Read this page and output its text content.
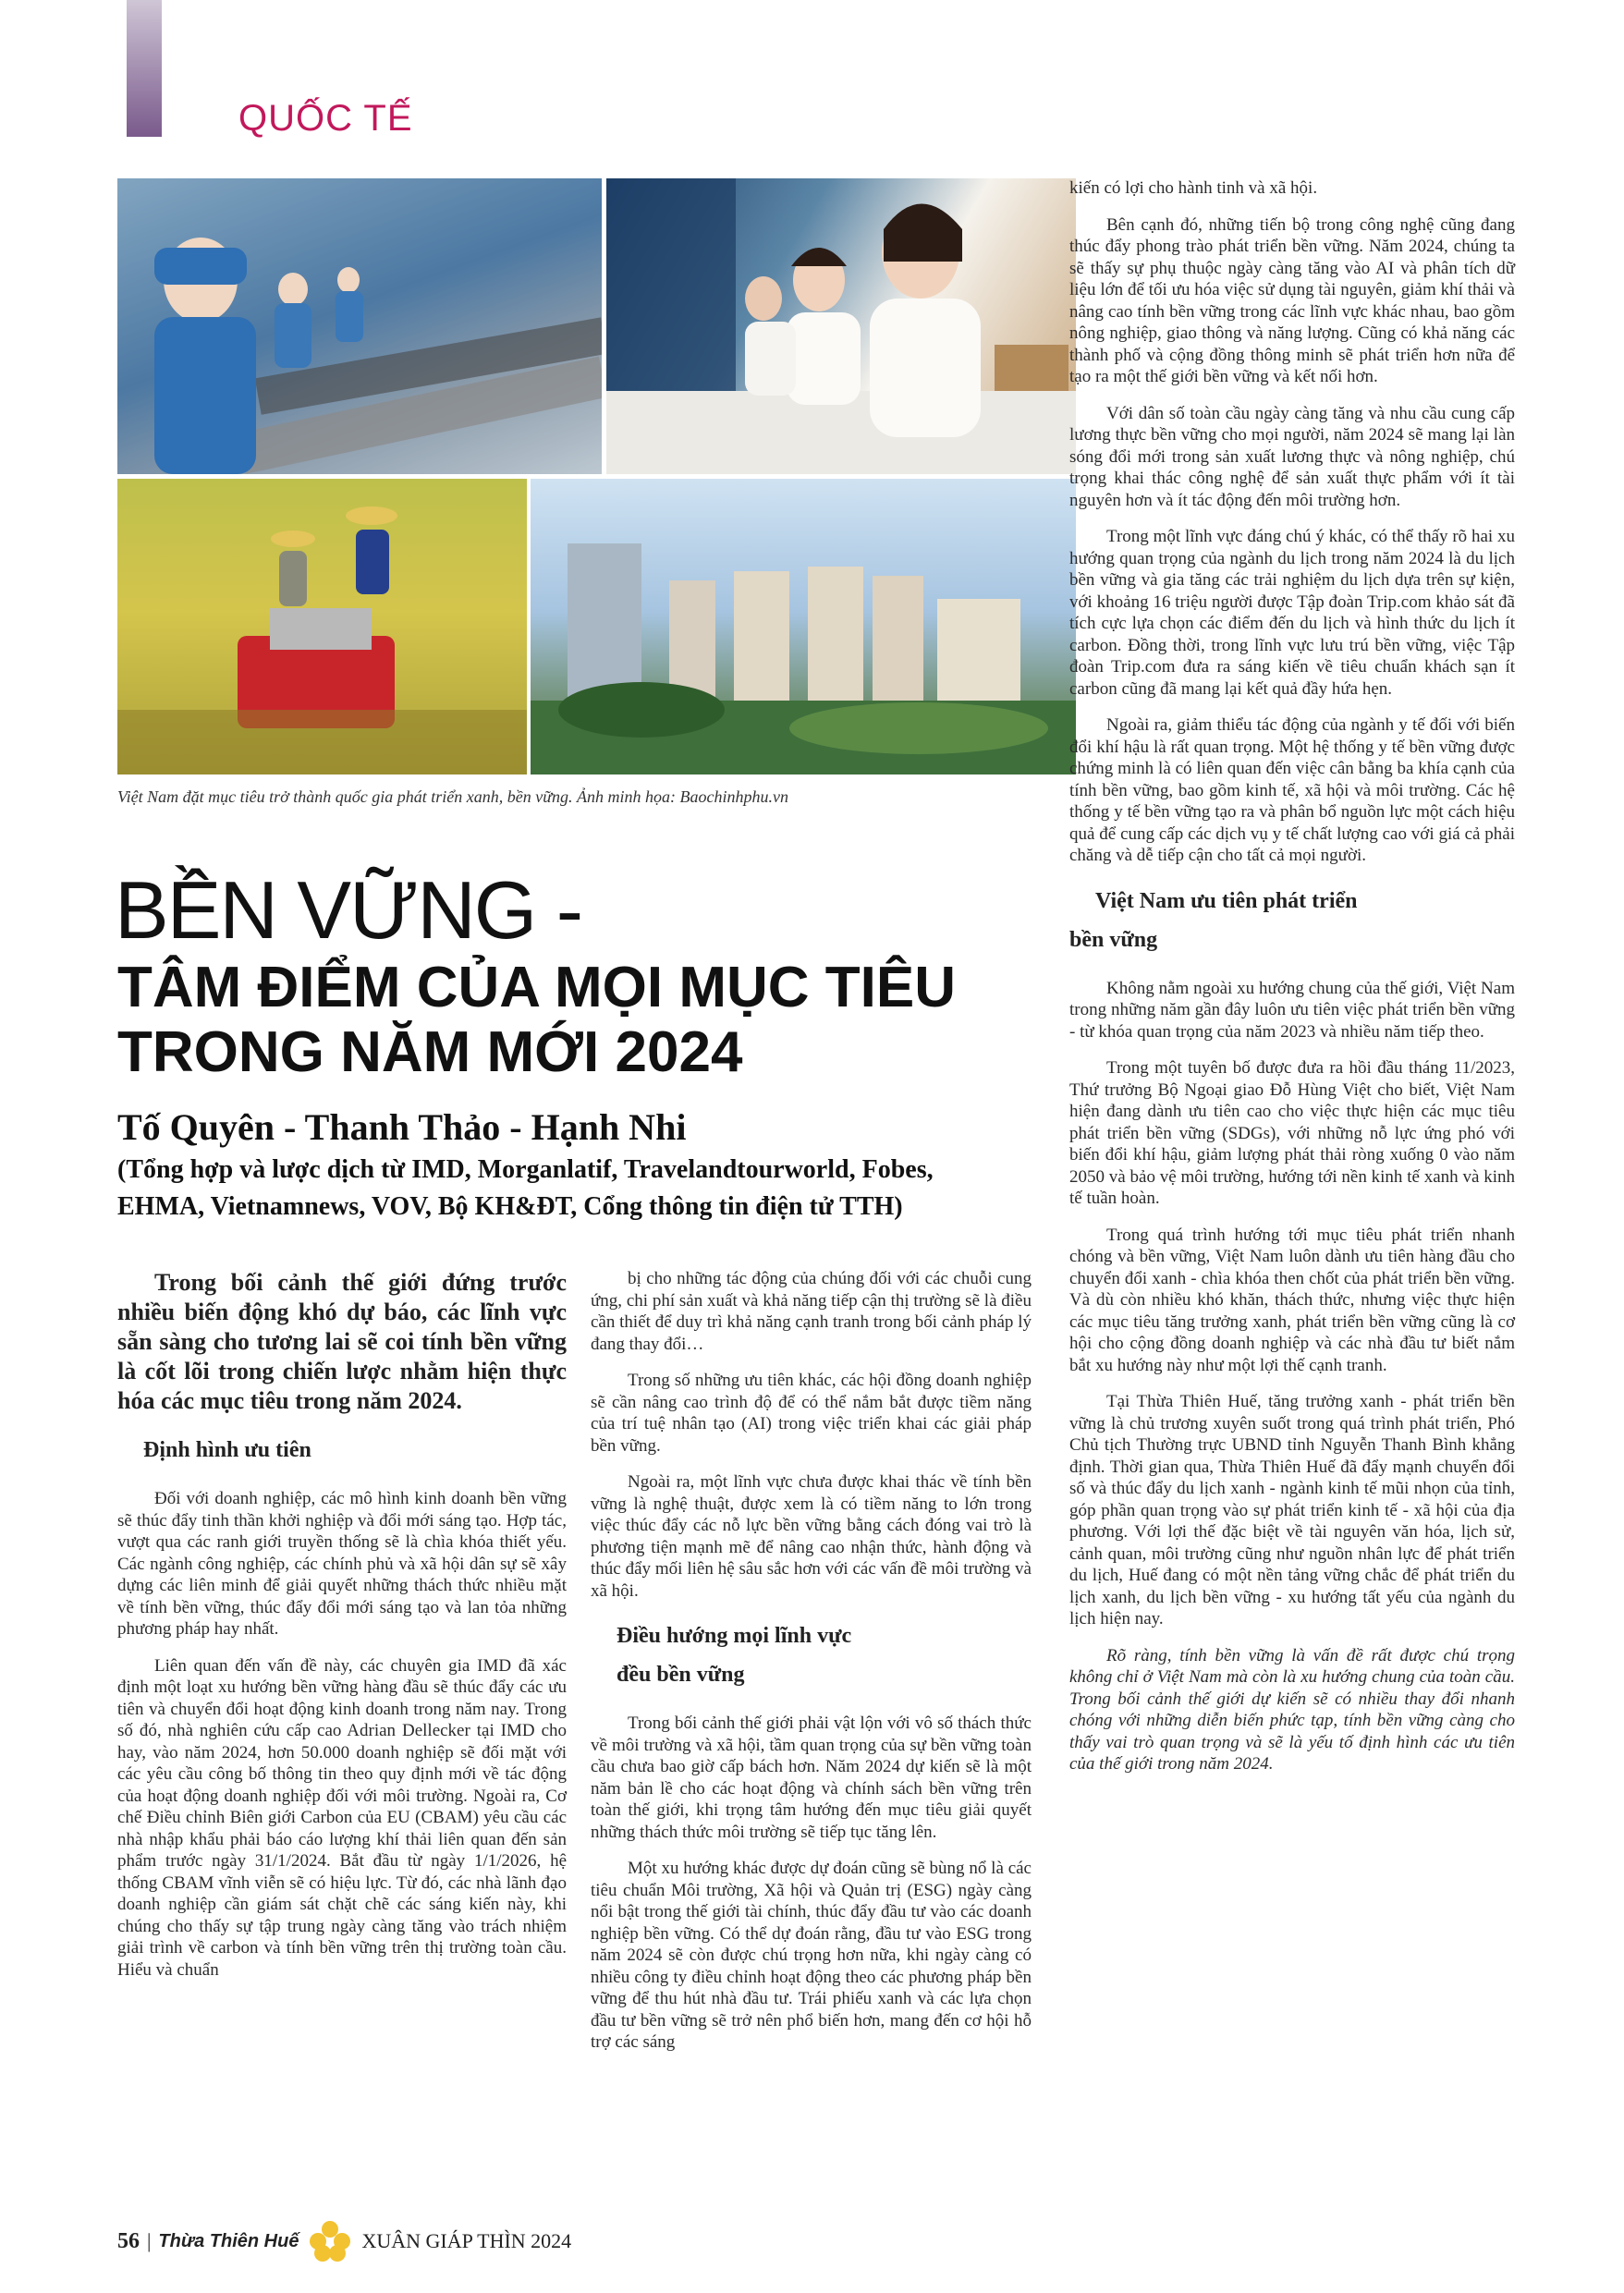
QUỐC TẾ
Việt Nam đặt mục tiêu trở thành quốc gia phát triển xanh, bền vững. Ảnh minh họa: Baochinhphu.vn
BỀN VỮNG -
TÂM ĐIỂM CỦA MỌI MỤC TIÊU
TRONG NĂM MỚI 2024
Tố Quyên - Thanh Thảo - Hạnh Nhi
(Tổng hợp và lược dịch từ IMD, Morganlatif, Travelandtourworld, Fobes,
EHMA, Vietnamnews, VOV, Bộ KH&ĐT, Cổng thông tin điện tử TTH)

Trong bối cảnh thế giới đứng trước nhiều biến động khó dự báo, các lĩnh vực sẵn sàng cho tương lai sẽ coi tính bền vững là cốt lõi trong chiến lược nhằm hiện thực hóa các mục tiêu trong năm 2024.

Định hình ưu tiên

Đối với doanh nghiệp, các mô hình kinh doanh bền vững sẽ thúc đẩy tinh thần khởi nghiệp và đổi mới sáng tạo. Hợp tác, vượt qua các ranh giới truyền thống sẽ là chìa khóa thiết yếu. Các ngành công nghiệp, các chính phủ và xã hội dân sự sẽ xây dựng các liên minh để giải quyết những thách thức nhiều mặt về tính bền vững, thúc đẩy đổi mới sáng tạo và lan tỏa những phương pháp hay nhất.

Liên quan đến vấn đề này, các chuyên gia IMD đã xác định một loạt xu hướng bền vững hàng đầu sẽ thúc đẩy các ưu tiên và chuyển đổi hoạt động kinh doanh trong năm nay. Trong số đó, nhà nghiên cứu cấp cao Adrian Dellecker tại IMD cho hay, vào năm 2024, hơn 50.000 doanh nghiệp sẽ đối mặt với các yêu cầu công bố thông tin theo quy định mới về tác động của hoạt động doanh nghiệp đối với môi trường. Ngoài ra, Cơ chế Điều chỉnh Biên giới Carbon của EU (CBAM) yêu cầu các nhà nhập khẩu phải báo cáo lượng khí thải liên quan đến sản phẩm trước ngày 31/1/2024. Bắt đầu từ ngày 1/1/2026, hệ thống CBAM vĩnh viễn sẽ có hiệu lực. Từ đó, các nhà lãnh đạo doanh nghiệp cần giám sát chặt chẽ các sáng kiến này, khi chúng cho thấy sự tập trung ngày càng tăng vào trách nhiệm giải trình về carbon và tính bền vững trên thị trường toàn cầu. Hiểu và chuẩn

bị cho những tác động của chúng đối với các chuỗi cung ứng, chi phí sản xuất và khả năng tiếp cận thị trường sẽ là điều cần thiết để duy trì khả năng cạnh tranh trong bối cảnh pháp lý đang thay đổi…

Trong số những ưu tiên khác, các hội đồng doanh nghiệp sẽ cần nâng cao trình độ để có thể nắm bắt được tiềm năng của trí tuệ nhân tạo (AI) trong việc triển khai các giải pháp bền vững.

Ngoài ra, một lĩnh vực chưa được khai thác về tính bền vững là nghệ thuật, được xem là có tiềm năng to lớn trong việc thúc đẩy các nỗ lực bền vững bằng cách đóng vai trò là phương tiện mạnh mẽ để nâng cao nhận thức, hành động và thúc đẩy mối liên hệ sâu sắc hơn với các vấn đề môi trường và xã hội.

Điều hướng mọi lĩnh vực
đều bền vững

Trong bối cảnh thế giới phải vật lộn với vô số thách thức về môi trường và xã hội, tầm quan trọng của sự bền vững toàn cầu chưa bao giờ cấp bách hơn. Năm 2024 dự kiến sẽ là một năm bản lề cho các hoạt động và chính sách bền vững trên toàn thế giới, khi trọng tâm hướng đến mục tiêu giải quyết những thách thức môi trường sẽ tiếp tục tăng lên.

Một xu hướng khác được dự đoán cũng sẽ bùng nổ là các tiêu chuẩn Môi trường, Xã hội và Quản trị (ESG) ngày càng nổi bật trong thế giới tài chính, thúc đẩy đầu tư vào các doanh nghiệp bền vững. Có thể dự đoán rằng, đầu tư vào ESG trong năm 2024 sẽ còn được chú trọng hơn nữa, khi ngày càng có nhiều công ty điều chỉnh hoạt động theo các phương pháp bền vững để thu hút nhà đầu tư. Trái phiếu xanh và các lựa chọn đầu tư bền vững sẽ trở nên phổ biến hơn, mang đến cơ hội hỗ trợ các sáng

kiến có lợi cho hành tinh và xã hội.

Bên cạnh đó, những tiến bộ trong công nghệ cũng đang thúc đẩy phong trào phát triển bền vững. Năm 2024, chúng ta sẽ thấy sự phụ thuộc ngày càng tăng vào AI và phân tích dữ liệu lớn để tối ưu hóa việc sử dụng tài nguyên, giảm khí thải và nâng cao tính bền vững trong các lĩnh vực khác nhau, bao gồm nông nghiệp, giao thông và năng lượng. Cũng có khả năng các thành phố và cộng đồng thông minh sẽ phát triển hơn nữa để tạo ra một thế giới bền vững và kết nối hơn.

Với dân số toàn cầu ngày càng tăng và nhu cầu cung cấp lương thực bền vững cho mọi người, năm 2024 sẽ mang lại làn sóng đổi mới trong sản xuất lương thực và nông nghiệp, chú trọng khai thác công nghệ để sản xuất thực phẩm với ít tài nguyên hơn và ít tác động đến môi trường hơn.

Trong một lĩnh vực đáng chú ý khác, có thể thấy rõ hai xu hướng quan trọng của ngành du lịch trong năm 2024 là du lịch bền vững và gia tăng các trải nghiệm du lịch dựa trên sự kiện, với khoảng 16 triệu người được Tập đoàn Trip.com khảo sát đã tích cực lựa chọn các điểm đến du lịch và hình thức du lịch ít carbon. Đồng thời, trong lĩnh vực lưu trú bền vững, việc Tập đoàn Trip.com đưa ra sáng kiến về tiêu chuẩn khách sạn ít carbon cũng đã mang lại kết quả đầy hứa hẹn.

Ngoài ra, giảm thiểu tác động của ngành y tế đối với biến đổi khí hậu là rất quan trọng. Một hệ thống y tế bền vững được chứng minh là có liên quan đến việc cân bằng ba khía cạnh của tính bền vững, bao gồm kinh tế, xã hội và môi trường. Các hệ thống y tế bền vững tạo ra và phân bổ nguồn lực một cách hiệu quả để cung cấp các dịch vụ y tế chất lượng cao với giá cả phải chăng và dễ tiếp cận cho tất cả mọi người.

Việt Nam ưu tiên phát triển
bền vững

Không nằm ngoài xu hướng chung của thế giới, Việt Nam trong những năm gần đây luôn ưu tiên việc phát triển bền vững - từ khóa quan trọng của năm 2023 và nhiều năm tiếp theo.

Trong một tuyên bố được đưa ra hồi đầu tháng 11/2023, Thứ trưởng Bộ Ngoại giao Đỗ Hùng Việt cho biết, Việt Nam hiện đang dành ưu tiên cao cho việc thực hiện các mục tiêu phát triển bền vững (SDGs), với những nỗ lực ứng phó với biến đổi khí hậu, giảm lượng phát thải ròng xuống 0 vào năm 2050 và bảo vệ môi trường, hướng tới nền kinh tế xanh và kinh tế tuần hoàn.

Trong quá trình hướng tới mục tiêu phát triển nhanh chóng và bền vững, Việt Nam luôn dành ưu tiên hàng đầu cho chuyển đổi xanh - chìa khóa then chốt của phát triển bền vững. Và dù còn nhiều khó khăn, thách thức, nhưng việc thực hiện các mục tiêu tăng trưởng xanh, phát triển bền vững cũng là cơ hội cho cộng đồng doanh nghiệp và các nhà đầu tư biết nắm bắt xu hướng này như một lợi thế cạnh tranh.

Tại Thừa Thiên Huế, tăng trưởng xanh - phát triển bền vững là chủ trương xuyên suốt trong quá trình phát triển, Phó Chủ tịch Thường trực UBND tỉnh Nguyễn Thanh Bình khẳng định. Thời gian qua, Thừa Thiên Huế đã đẩy mạnh chuyển đổi số và thúc đẩy du lịch xanh - ngành kinh tế mũi nhọn của tỉnh, góp phần quan trọng vào sự phát triển kinh tế - xã hội của địa phương. Với lợi thế đặc biệt về tài nguyên văn hóa, lịch sử, cảnh quan, môi trường cũng như nguồn nhân lực để phát triển du lịch, Huế đang có một nền tảng vững chắc để phát triển du lịch xanh, du lịch bền vững - xu hướng tất yếu của ngành du lịch hiện nay.

Rõ ràng, tính bền vững là vấn đề rất được chú trọng không chỉ ở Việt Nam mà còn là xu hướng chung của toàn cầu. Trong bối cảnh thế giới dự kiến sẽ có nhiều thay đổi nhanh chóng với những diễn biến phức tạp, tính bền vững càng cho thấy vai trò quan trọng và sẽ là yếu tố định hình các ưu tiên của thế giới trong năm 2024.

56 | Thừa Thiên Huế	XUÂN GIÁP THÌN 2024
